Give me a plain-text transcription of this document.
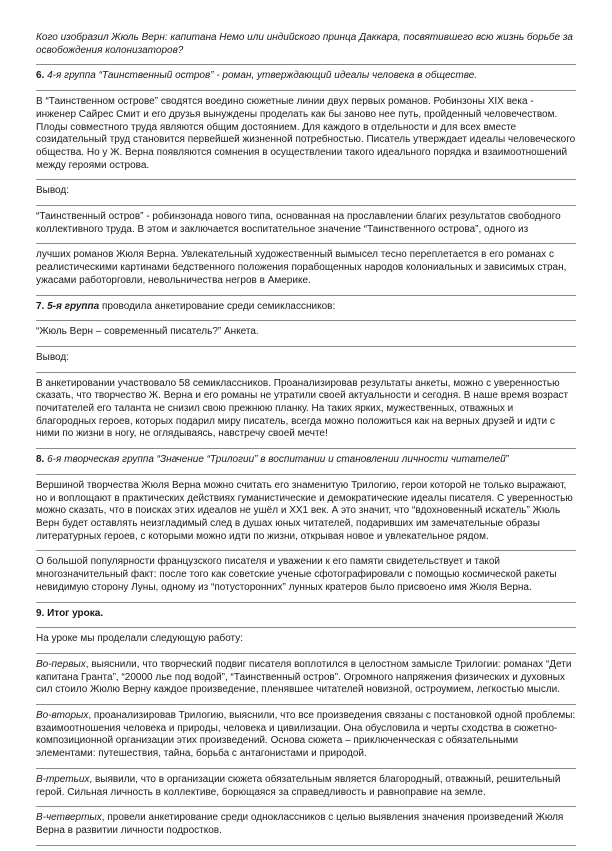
Кого изобразил Жюль Верн: капитана Немо или индийского принца Даккара, посвятившего всю жизнь борьбе за освобождения колонизаторов?

6. 4-я группа “Таинственный остров” - роман, утверждающий идеалы человека в обществе.

В “Таинственном острове” сводятся воедино сюжетные линии двух первых романов. Робинзоны XIX века - инженер Сайрес Смит и его друзья вынуждены проделать как бы заново нее путь, пройденный человечеством. Плоды совместного труда являются общим достоянием. Для каждого в отдельности и для всех вместе созидательный труд становится первейшей жизненной потребностью. Писатель утверждает идеалы человеческого общества. Но у Ж. Верна появляются сомнения в осуществлении такого идеального порядка и взаимоотношений между героями острова.

Вывод:

“Таинственный остров” - робинзонада нового типа, основанная на прославлении благих результатов свободного коллективного труда. В этом и заключается воспитательное значение “Таинственного острова”, одного из

лучших романов Жюля Верна. Увлекательный художественный вымысел тесно переплетается в его романах с реалистическими картинами бедственного положения порабощенных народов колониальных и зависимых стран, ужасами работорговли, невольничества негров в Америке.

7. 5-я группа проводила анкетирование среди семиклассников:

“Жюль Верн – современный писатель?” Анкета.

Вывод:

В анкетировании участвовало 58 семиклассников. Проанализировав результаты анкеты, можно с уверенностью сказать, что творчество Ж. Верна и его романы не утратили своей актуальности и сегодня. В наше время возраст почитателей его таланта не снизил свою прежнюю планку. На таких ярких, мужественных, отважных и благородных героев, которых подарил миру писатель, всегда можно положиться как на верных друзей и идти с ними по жизни в ногу, не оглядываясь, навстречу своей мечте!

8. 6-я творческая группа “Значение “Трилогии” в воспитании и становлении личности читателей”

Вершиной творчества Жюля Верна можно считать его знаменитую Трилогию, герои которой не только выражают, но и воплощают в практических действиях гуманистические и демократические идеалы писателя. С уверенностью можно сказать, что в поисках этих идеалов не ушёл и XX1 век. А это значит, что “вдохновенный искатель” Жюль Верн будет оставлять неизгладимый след в душах юных читателей, подаривших им замечательные образы литературных героев, с которыми можно идти по жизни, открывая новое и увлекательное рядом.

О большой популярности французского писателя и уважении к его памяти свидетельствует и такой многозначительный факт: после того как советские ученые сфотографировали с помощью космической ракеты невидимую сторону Луны, одному из “потусторонних” лунных кратеров было присвоено имя Жюля Верна.

9. Итог урока.

На уроке мы проделали следующую работу:

Во-первых, выяснили, что творческий подвиг писателя воплотился в целостном замысле Трилогии: романах “Дети капитана Гранта”, “20000 лье под водой”, “Таинственный остров”. Огромного напряжения физических и духовных сил стоило Жюлю Верну каждое произведение, пленявшее читателей новизной, остроумием, легкостью мысли.

Во-вторых, проанализировав Трилогию, выяснили, что все произведения связаны с постановкой одной проблемы: взаимоотношения человека и природы, человека и цивилизации. Она обусловила и черты сходства в сюжетно-композиционной организации этих произведений. Основа сюжета – приключенческая с обязательными элементами: путешествия, тайна, борьба с антагонистами и природой.

В-третьих, выявили, что в организации сюжета обязательным является благородный, отважный, решительный герой. Сильная личность в коллективе, борющаяся за справедливость и равноправие на земле.

В-четвертых, провели анкетирование среди одноклассников с целью выявления значения произведений Жюля Верна в развитии личности подростков.
